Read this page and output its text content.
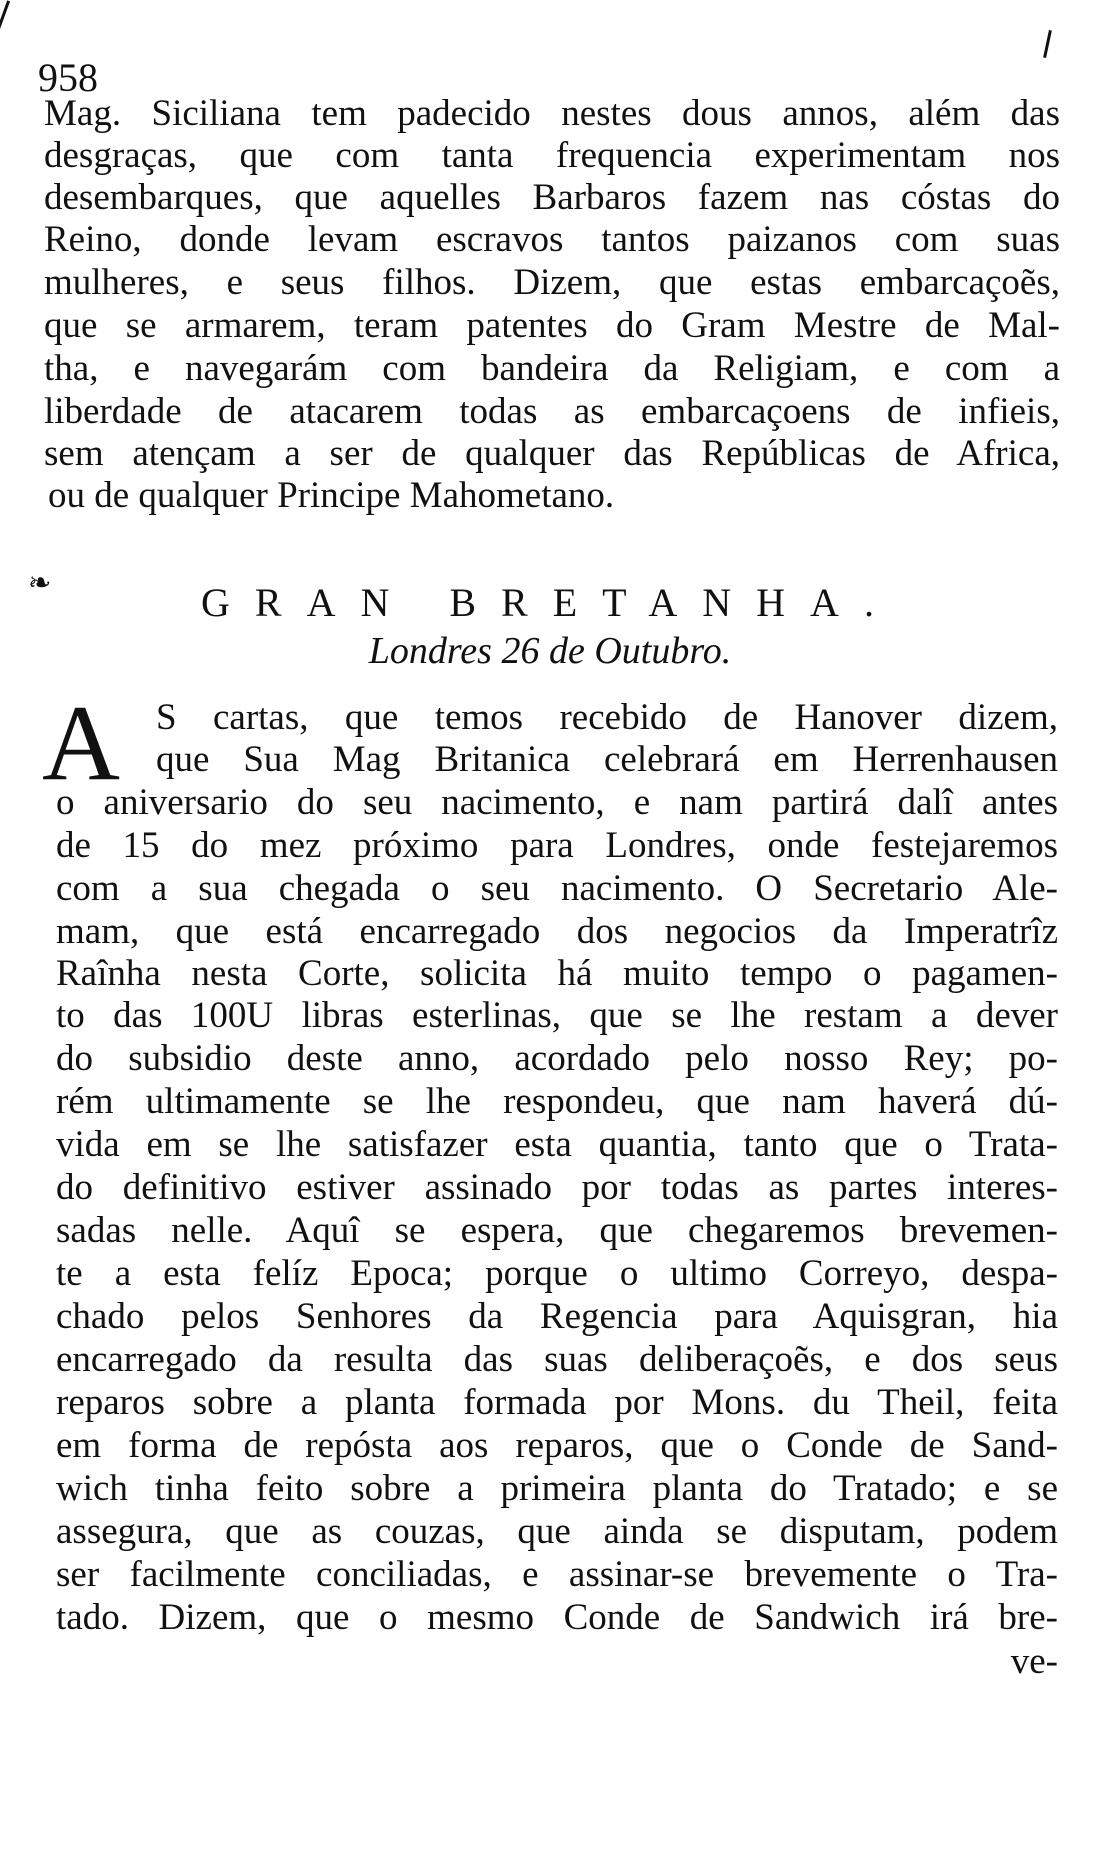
958
Mag. Siciliana tem padecido nestes dous annos, além das
desgraças, que com tanta frequencia experimentam nos
desembarques, que aquelles Barbaros fazem nas cóstas do
Reino, donde levam escravos tantos paizanos com suas
mulheres, e seus filhos. Dizem, que estas embarcaçoẽs,
que se armarem, teram patentes do Gram Mestre de Mal-
tha, e navegarám com bandeira da Religiam, e com a
liberdade de atacarem todas as embarcaçoens de infieis,
sem atençam a ser de qualquer das Repúblicas de Africa,
ou de qualquer Principe Mahometano.
❧	GRAN BRETANHA.
Londres 26 de Outubro.
A S cartas, que temos recebido de Hanover dizem,
que Sua Mag Britanica celebrará em Herrenhausen
o aniversario do seu nacimento, e nam partirá dalî antes
de 15 do mez próximo para Londres, onde festejaremos
com a sua chegada o seu nacimento. O Secretario Ale-
mam, que está encarregado dos negocios da Imperatrîz
Raînha nesta Corte, solicita há muito tempo o pagamen-
to das 100U libras esterlinas, que se lhe restam a dever
do subsidio deste anno, acordado pelo nosso Rey; po-
rém ultimamente se lhe respondeu, que nam haverá dú-
vida em se lhe satisfazer esta quantia, tanto que o Trata-
do definitivo estiver assinado por todas as partes interes-
sadas nelle. Aquî se espera, que chegaremos brevemen-
te a esta felíz Epoca; porque o ultimo Correyo, despa-
chado pelos Senhores da Regencia para Aquisgran, hia
encarregado da resulta das suas deliberaçoẽs, e dos seus
reparos sobre a planta formada por Mons. du Theil, feita
em forma de repósta aos reparos, que o Conde de Sand-
wich tinha feito sobre a primeira planta do Tratado; e se
assegura, que as couzas, que ainda se disputam, podem
ser facilmente conciliadas, e assinar-se brevemente o Tra-
tado. Dizem, que o mesmo Conde de Sandwich irá bre-
ve-
